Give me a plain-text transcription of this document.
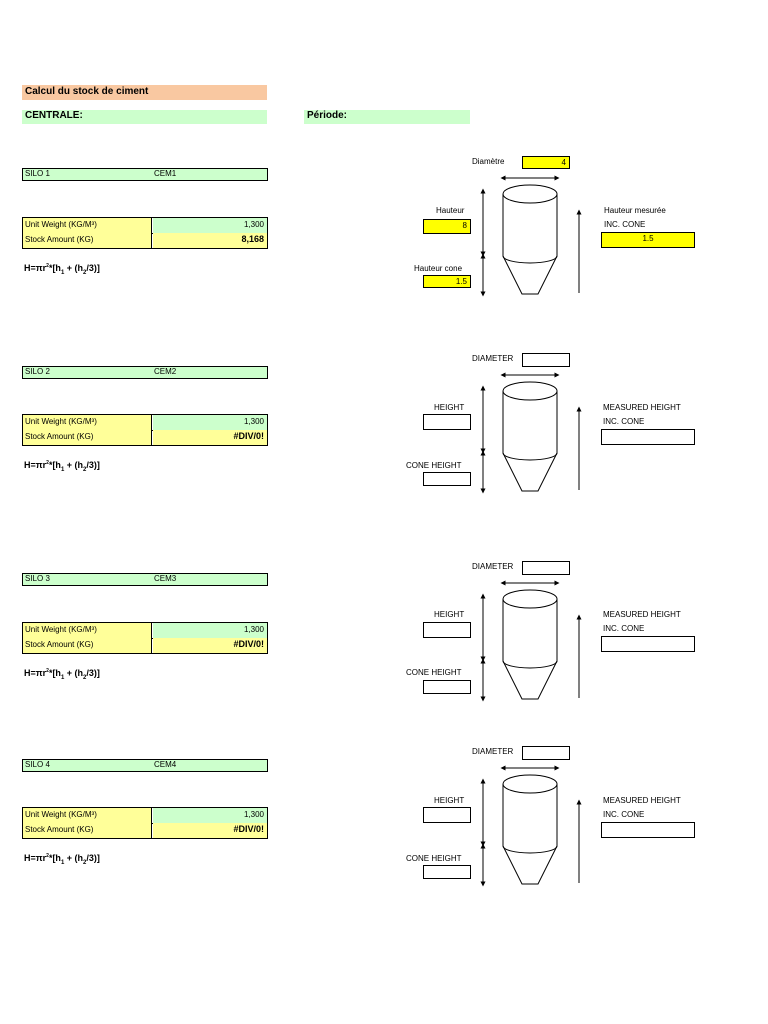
Calcul du stock de ciment
CENTRALE:	Période:
SILO 1	CEM1
Unit Weight (KG/M³)	1,300
Stock Amount (KG)	8,168
$H=\pi r^2*[h_1 + (h_2/3)]$
Diamètre	4
Hauteur
8
Hauteur cone
1.5
Hauteur mesurée
INC. CONE
1.5
SILO 2	CEM2
Unit Weight (KG/M³)	1,300
Stock Amount (KG)	#DIV/0!
$H=\pi r^2*[h_1 + (h_2/3)]$
DIAMETER
HEIGHT
CONE HEIGHT
MEASURED HEIGHT
INC. CONE
SILO 3	CEM3
Unit Weight (KG/M³)	1,300
Stock Amount (KG)	#DIV/0!
$H=\pi r^2*[h_1 + (h_2/3)]$
DIAMETER
HEIGHT
CONE HEIGHT
MEASURED HEIGHT
INC. CONE
SILO 4	CEM4
Unit Weight (KG/M³)	1,300
Stock Amount (KG)	#DIV/0!
$H=\pi r^2*[h_1 + (h_2/3)]$
DIAMETER
HEIGHT
CONE HEIGHT
MEASURED HEIGHT
INC. CONE
